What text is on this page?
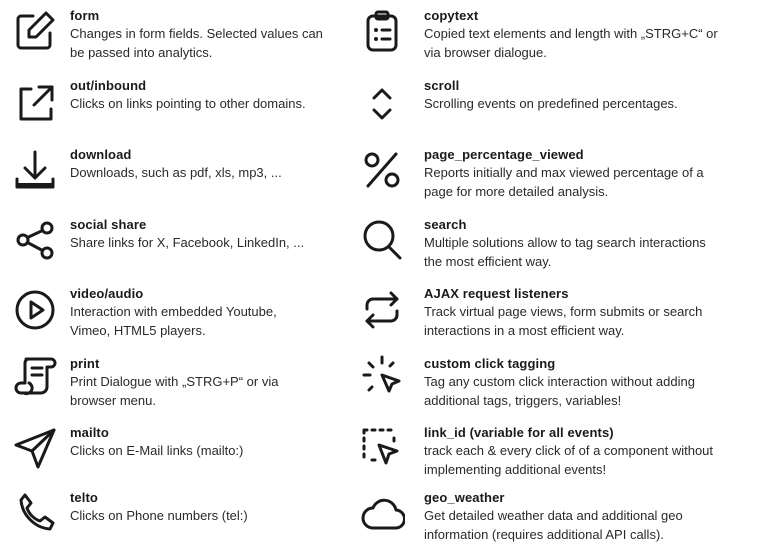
form
Changes in form fields. Selected values can
be passed into analytics.
out/inbound
Clicks on links pointing to other domains.
download
Downloads, such as pdf, xls, mp3, ...
social share
Share links for X, Facebook, LinkedIn, ...
video/audio
Interaction with embedded Youtube,
Vimeo, HTML5 players.
print
Print Dialogue with „STRG+P“ or via
browser menu.
mailto
Clicks on E-Mail links (mailto:)
telto
Clicks on Phone numbers (tel:)
copytext
Copied text elements and length with „STRG+C“ or
via browser dialogue.
scroll
Scrolling events on predefined percentages.
page_percentage_viewed
Reports initially and max viewed percentage of a
page for more detailed analysis.
search
Multiple solutions allow to tag search interactions
the most efficient way.
AJAX request listeners
Track virtual page views, form submits or search
interactions in a most efficient way.
custom click tagging
Tag any custom click interaction without adding
additional tags, triggers, variables!
link_id (variable for all events)
track each & every click of of a component without
implementing additional events!
geo_weather
Get detailed weather data and additional geo
information (requires additional API calls).
